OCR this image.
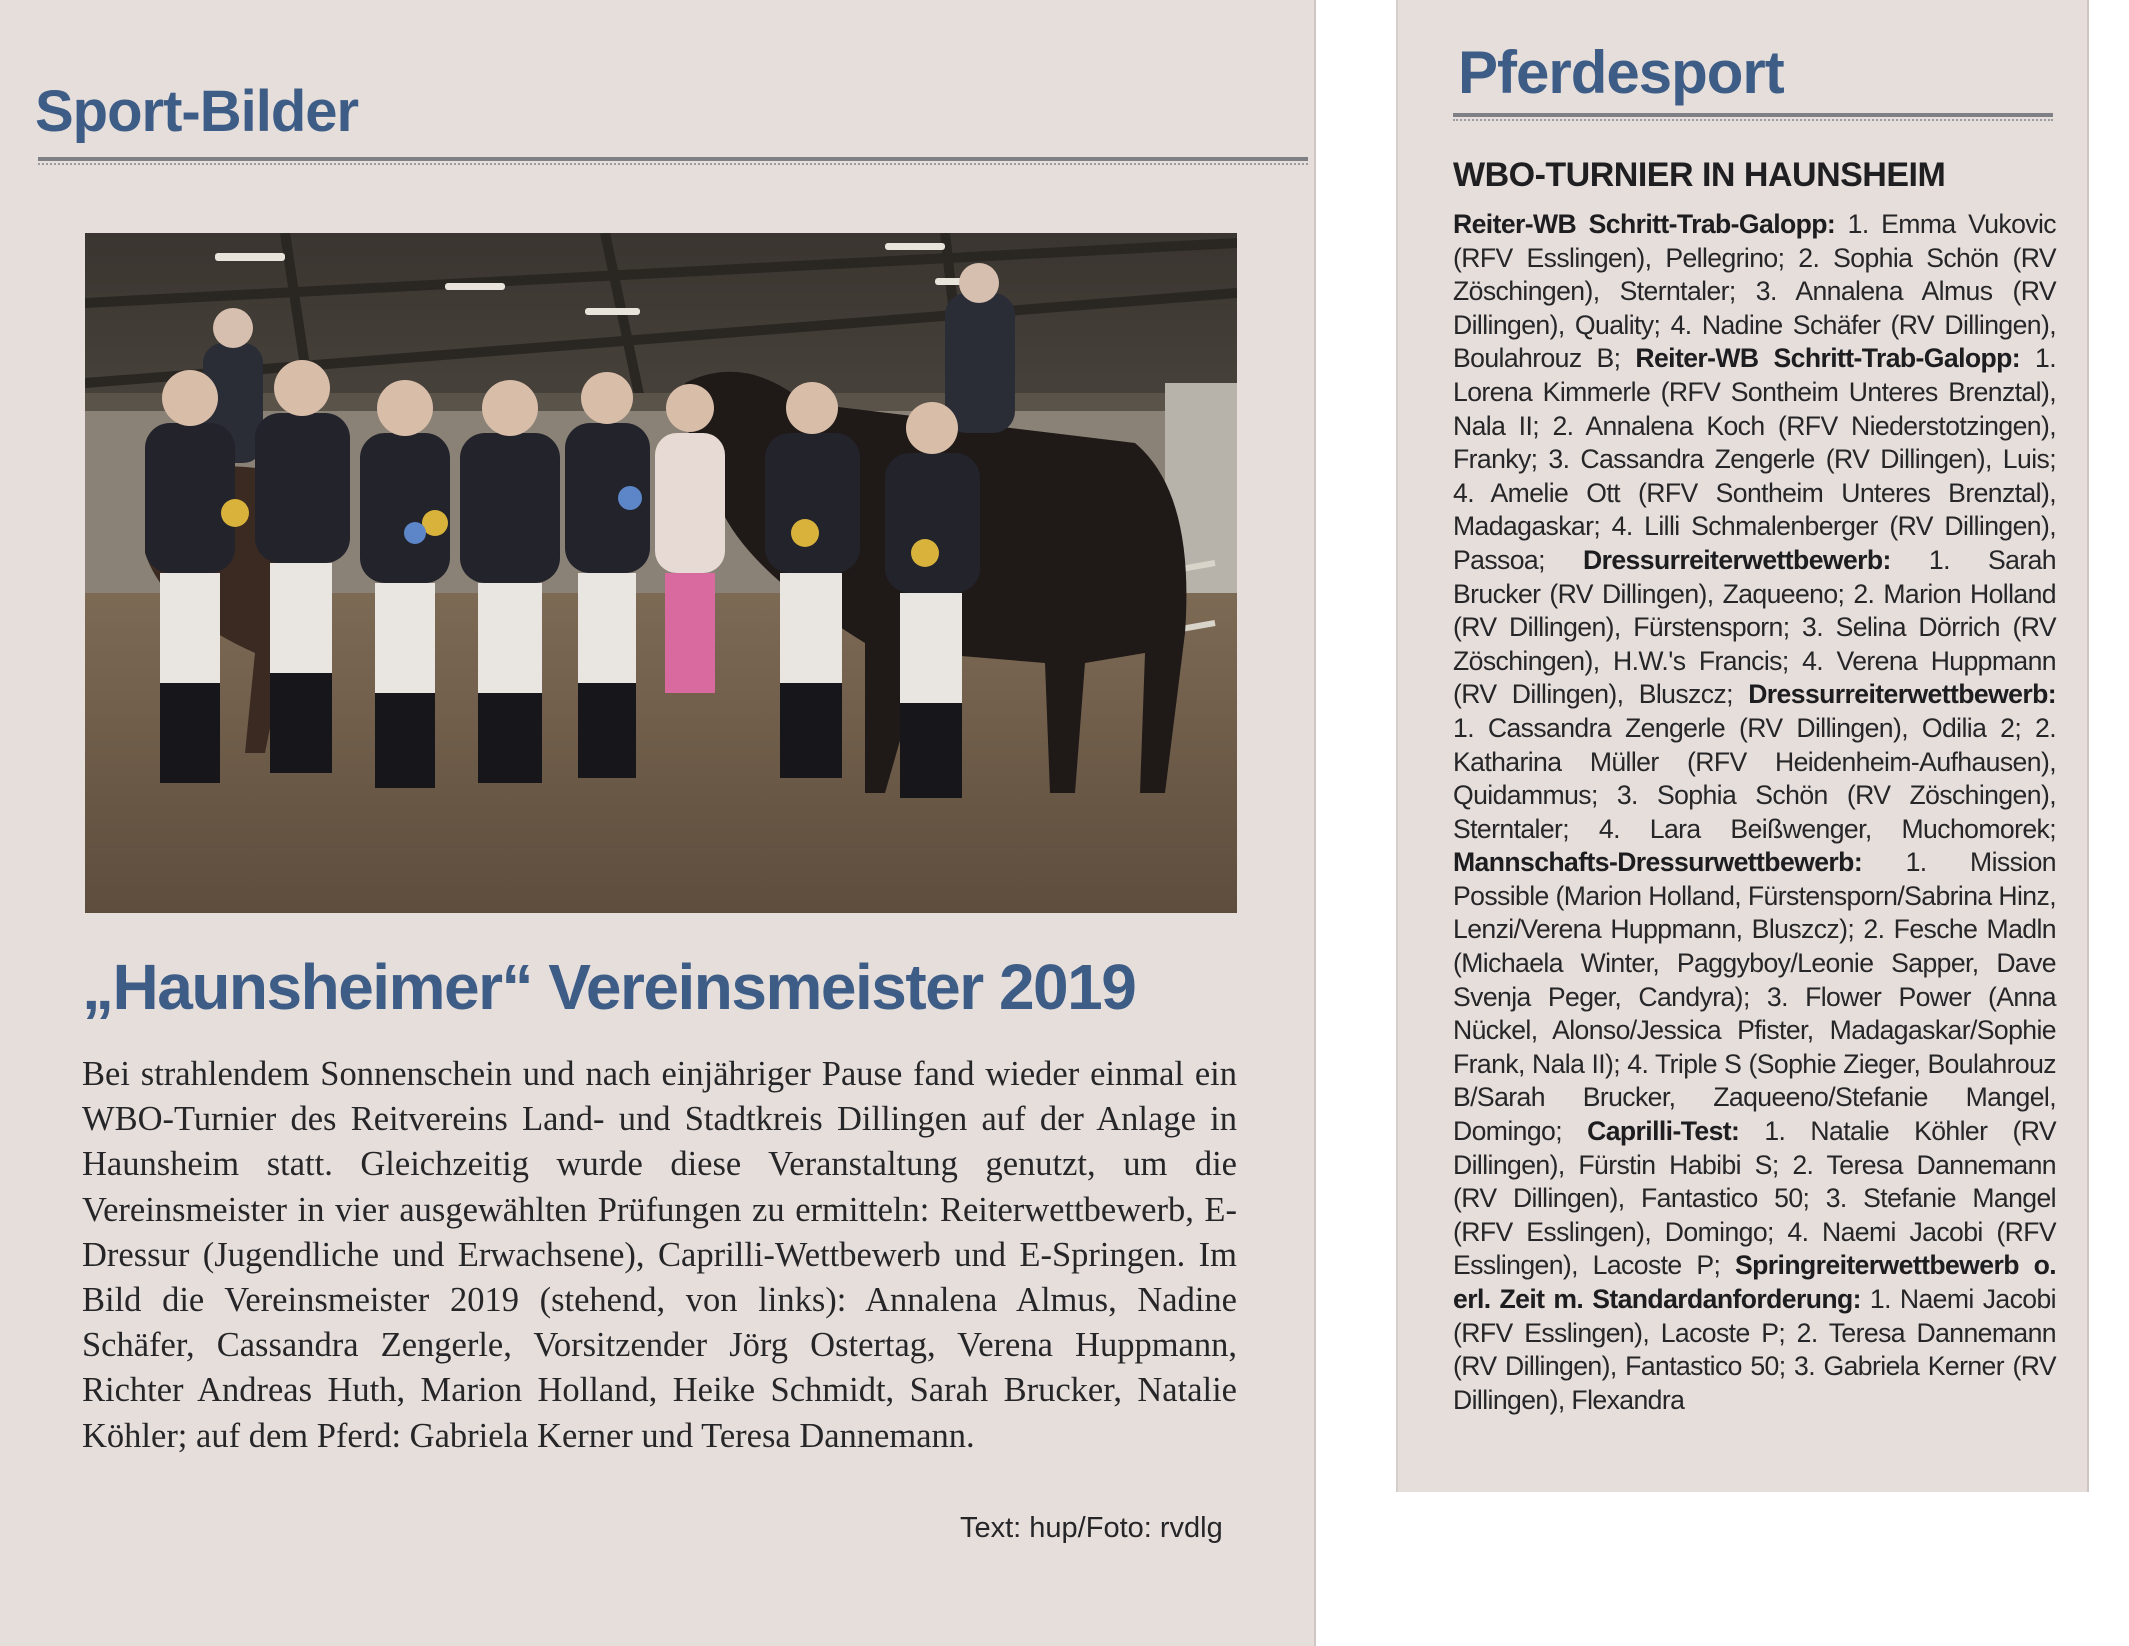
Sport-Bilder
„Haunsheimer“ Vereinsmeister 2019
Bei strahlendem Sonnenschein und nach einjähriger Pause fand wieder einmal ein WBO-Turnier des Reitvereins Land- und Stadtkreis Dillingen auf der Anlage in Haunsheim statt. Gleichzeitig wurde diese Veranstaltung genutzt, um die Vereinsmeister in vier ausgewählten Prüfungen zu ermitteln: Reiterwettbewerb, E-Dressur (Jugendliche und Erwachsene), Caprilli-Wettbewerb und E-Springen. Im Bild die Vereinsmeister 2019 (stehend, von links): Annalena Almus, Nadine Schäfer, Cassandra Zengerle, Vorsitzender Jörg Ostertag, Verena Huppmann, Richter Andreas Huth, Marion Holland, Heike Schmidt, Sarah Brucker, Natalie Köhler; auf dem Pferd: Gabriela Kerner und Teresa Dannemann.
Text: hup/Foto: rvdlg
Pferdesport
WBO-TURNIER IN HAUNSHEIM
Reiter-WB Schritt-Trab-Galopp: 1. Emma Vukovic (RFV Esslingen), Pellegrino; 2. Sophia Schön (RV Zöschingen), Sterntaler; 3. Annalena Almus (RV Dillingen), Quality; 4. Nadine Schäfer (RV Dillingen), Boulahrouz B; Reiter-WB Schritt-Trab-Galopp: 1. Lorena Kimmerle (RFV Sontheim Unteres Brenztal), Nala II; 2. Annalena Koch (RFV Niederstotzingen), Franky; 3. Cassandra Zengerle (RV Dillingen), Luis; 4. Amelie Ott (RFV Sontheim Unteres Brenztal), Madagaskar; 4. Lilli Schmalenberger (RV Dillingen), Passoa; Dressurreiterwettbewerb: 1. Sarah Brucker (RV Dillingen), Zaqueeno; 2. Marion Holland (RV Dillingen), Fürstensporn; 3. Selina Dörrich (RV Zöschingen), H.W.'s Francis; 4. Verena Huppmann (RV Dillingen), Bluszcz; Dressurreiterwettbewerb: 1. Cassandra Zengerle (RV Dillingen), Odilia 2; 2. Katharina Müller (RFV Heidenheim-Aufhausen), Quidammus; 3. Sophia Schön (RV Zöschingen), Sterntaler; 4. Lara Beißwenger, Muchomorek; Mannschafts-Dressurwettbewerb: 1. Mission Possible (Marion Holland, Fürstensporn/Sabrina Hinz, Lenzi/Verena Huppmann, Bluszcz); 2. Fesche Madln (Michaela Winter, Paggyboy/Leonie Sapper, Dave Svenja Peger, Candyra); 3. Flower Power (Anna Nückel, Alonso/Jessica Pfister, Madagaskar/Sophie Frank, Nala II); 4. Triple S (Sophie Zieger, Boulahrouz B/Sarah Brucker, Zaqueeno/Stefanie Mangel, Domingo; Caprilli-Test: 1. Natalie Köhler (RV Dillingen), Fürstin Habibi S; 2. Teresa Dannemann (RV Dillingen), Fantastico 50; 3. Stefanie Mangel (RFV Esslingen), Domingo; 4. Naemi Jacobi (RFV Esslingen), Lacoste P; Springreiterwettbewerb o. erl. Zeit m. Standardanforderung: 1. Naemi Jacobi (RFV Esslingen), Lacoste P; 2. Teresa Dannemann (RV Dillingen), Fantastico 50; 3. Gabriela Kerner (RV Dillingen), Flexandra
